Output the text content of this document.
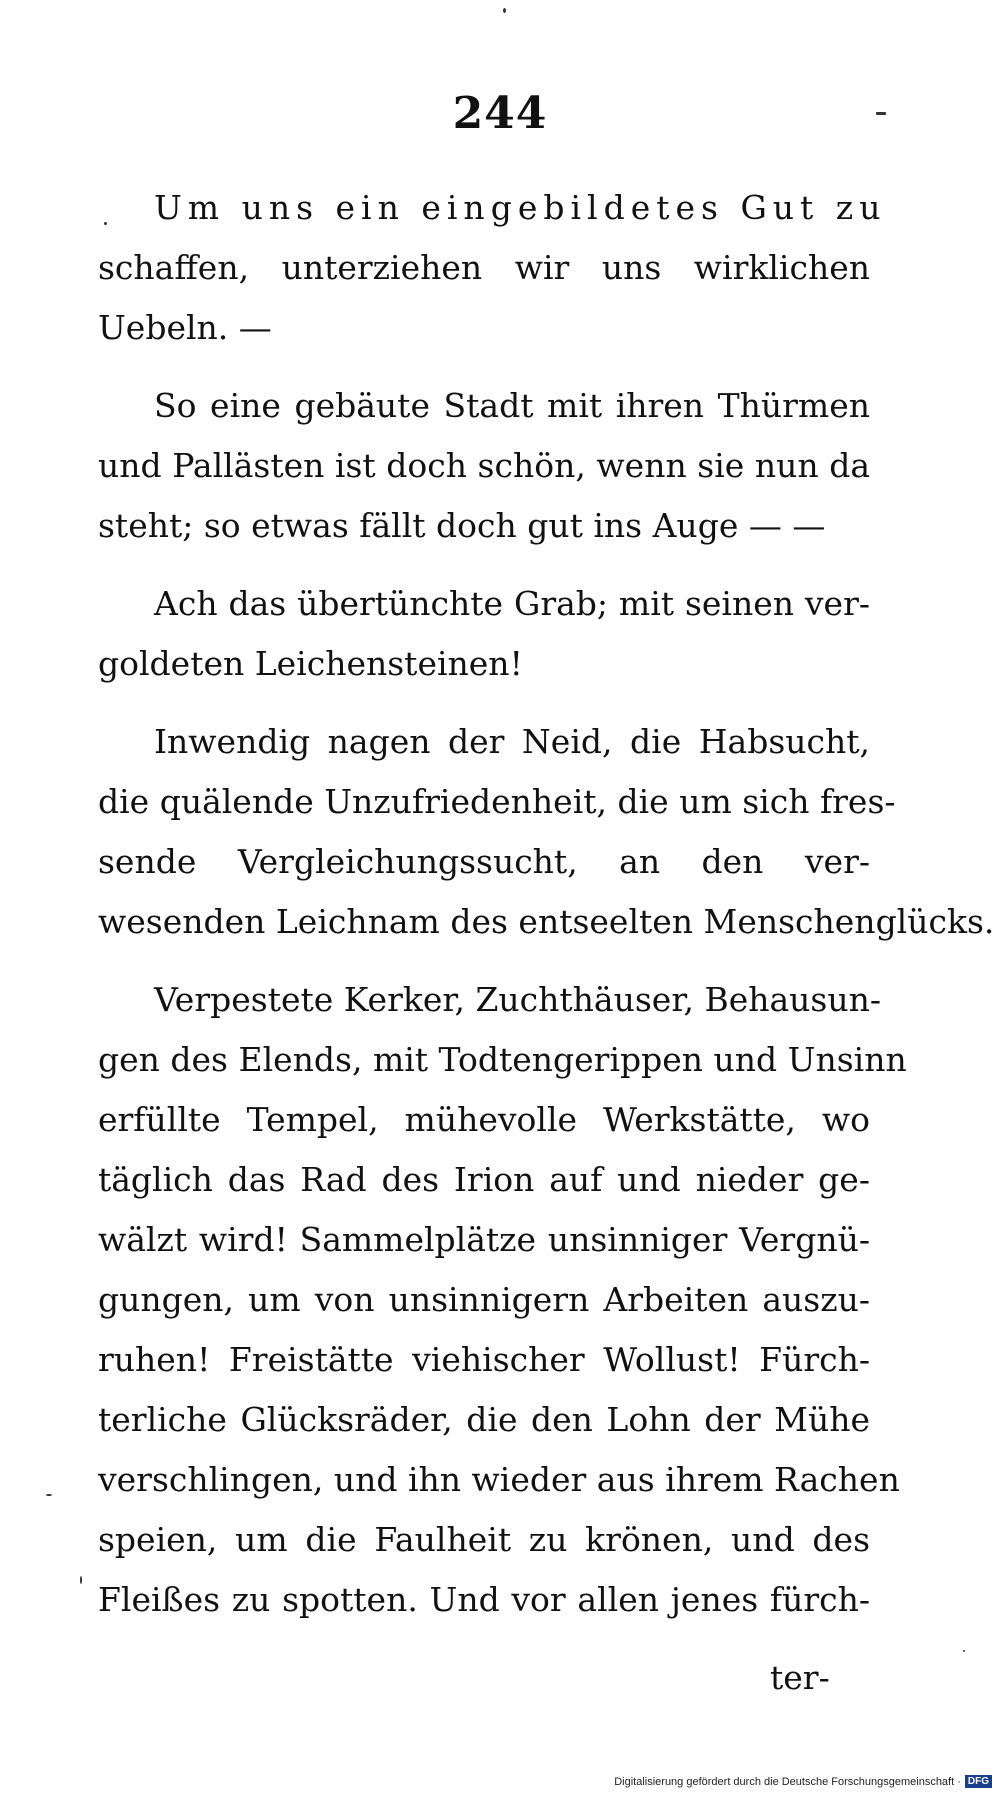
244
Um uns ein eingebildetes Gut zu
schaffen, unterziehen wir uns wirklichen
Uebeln. —
So eine gebäute Stadt mit ihren Thürmen
und Pallästen ist doch schön, wenn sie nun da
steht; so etwas fällt doch gut ins Auge — —
Ach das übertünchte Grab; mit seinen ver-
goldeten Leichensteinen!
Inwendig nagen der Neid, die Habsucht,
die quälende Unzufriedenheit, die um sich fres-
sende Vergleichungssucht, an den ver-
wesenden Leichnam des entseelten Menschenglücks.
Verpestete Kerker, Zuchthäuser, Behausun-
gen des Elends, mit Todtengerippen und Unsinn
erfüllte Tempel, mühevolle Werkstätte, wo
täglich das Rad des Irion auf und nieder ge-
wälzt wird! Sammelplätze unsinniger Vergnü-
gungen, um von unsinnigern Arbeiten auszu-
ruhen! Freistätte viehischer Wollust! Fürch-
terliche Glücksräder, die den Lohn der Mühe
verschlingen, und ihn wieder aus ihrem Rachen
speien, um die Faulheit zu krönen, und des
Fleißes zu spotten. Und vor allen jenes fürch-
ter-
Digitalisierung gefördert durch die Deutsche Forschungsgemeinschaft · DFG
